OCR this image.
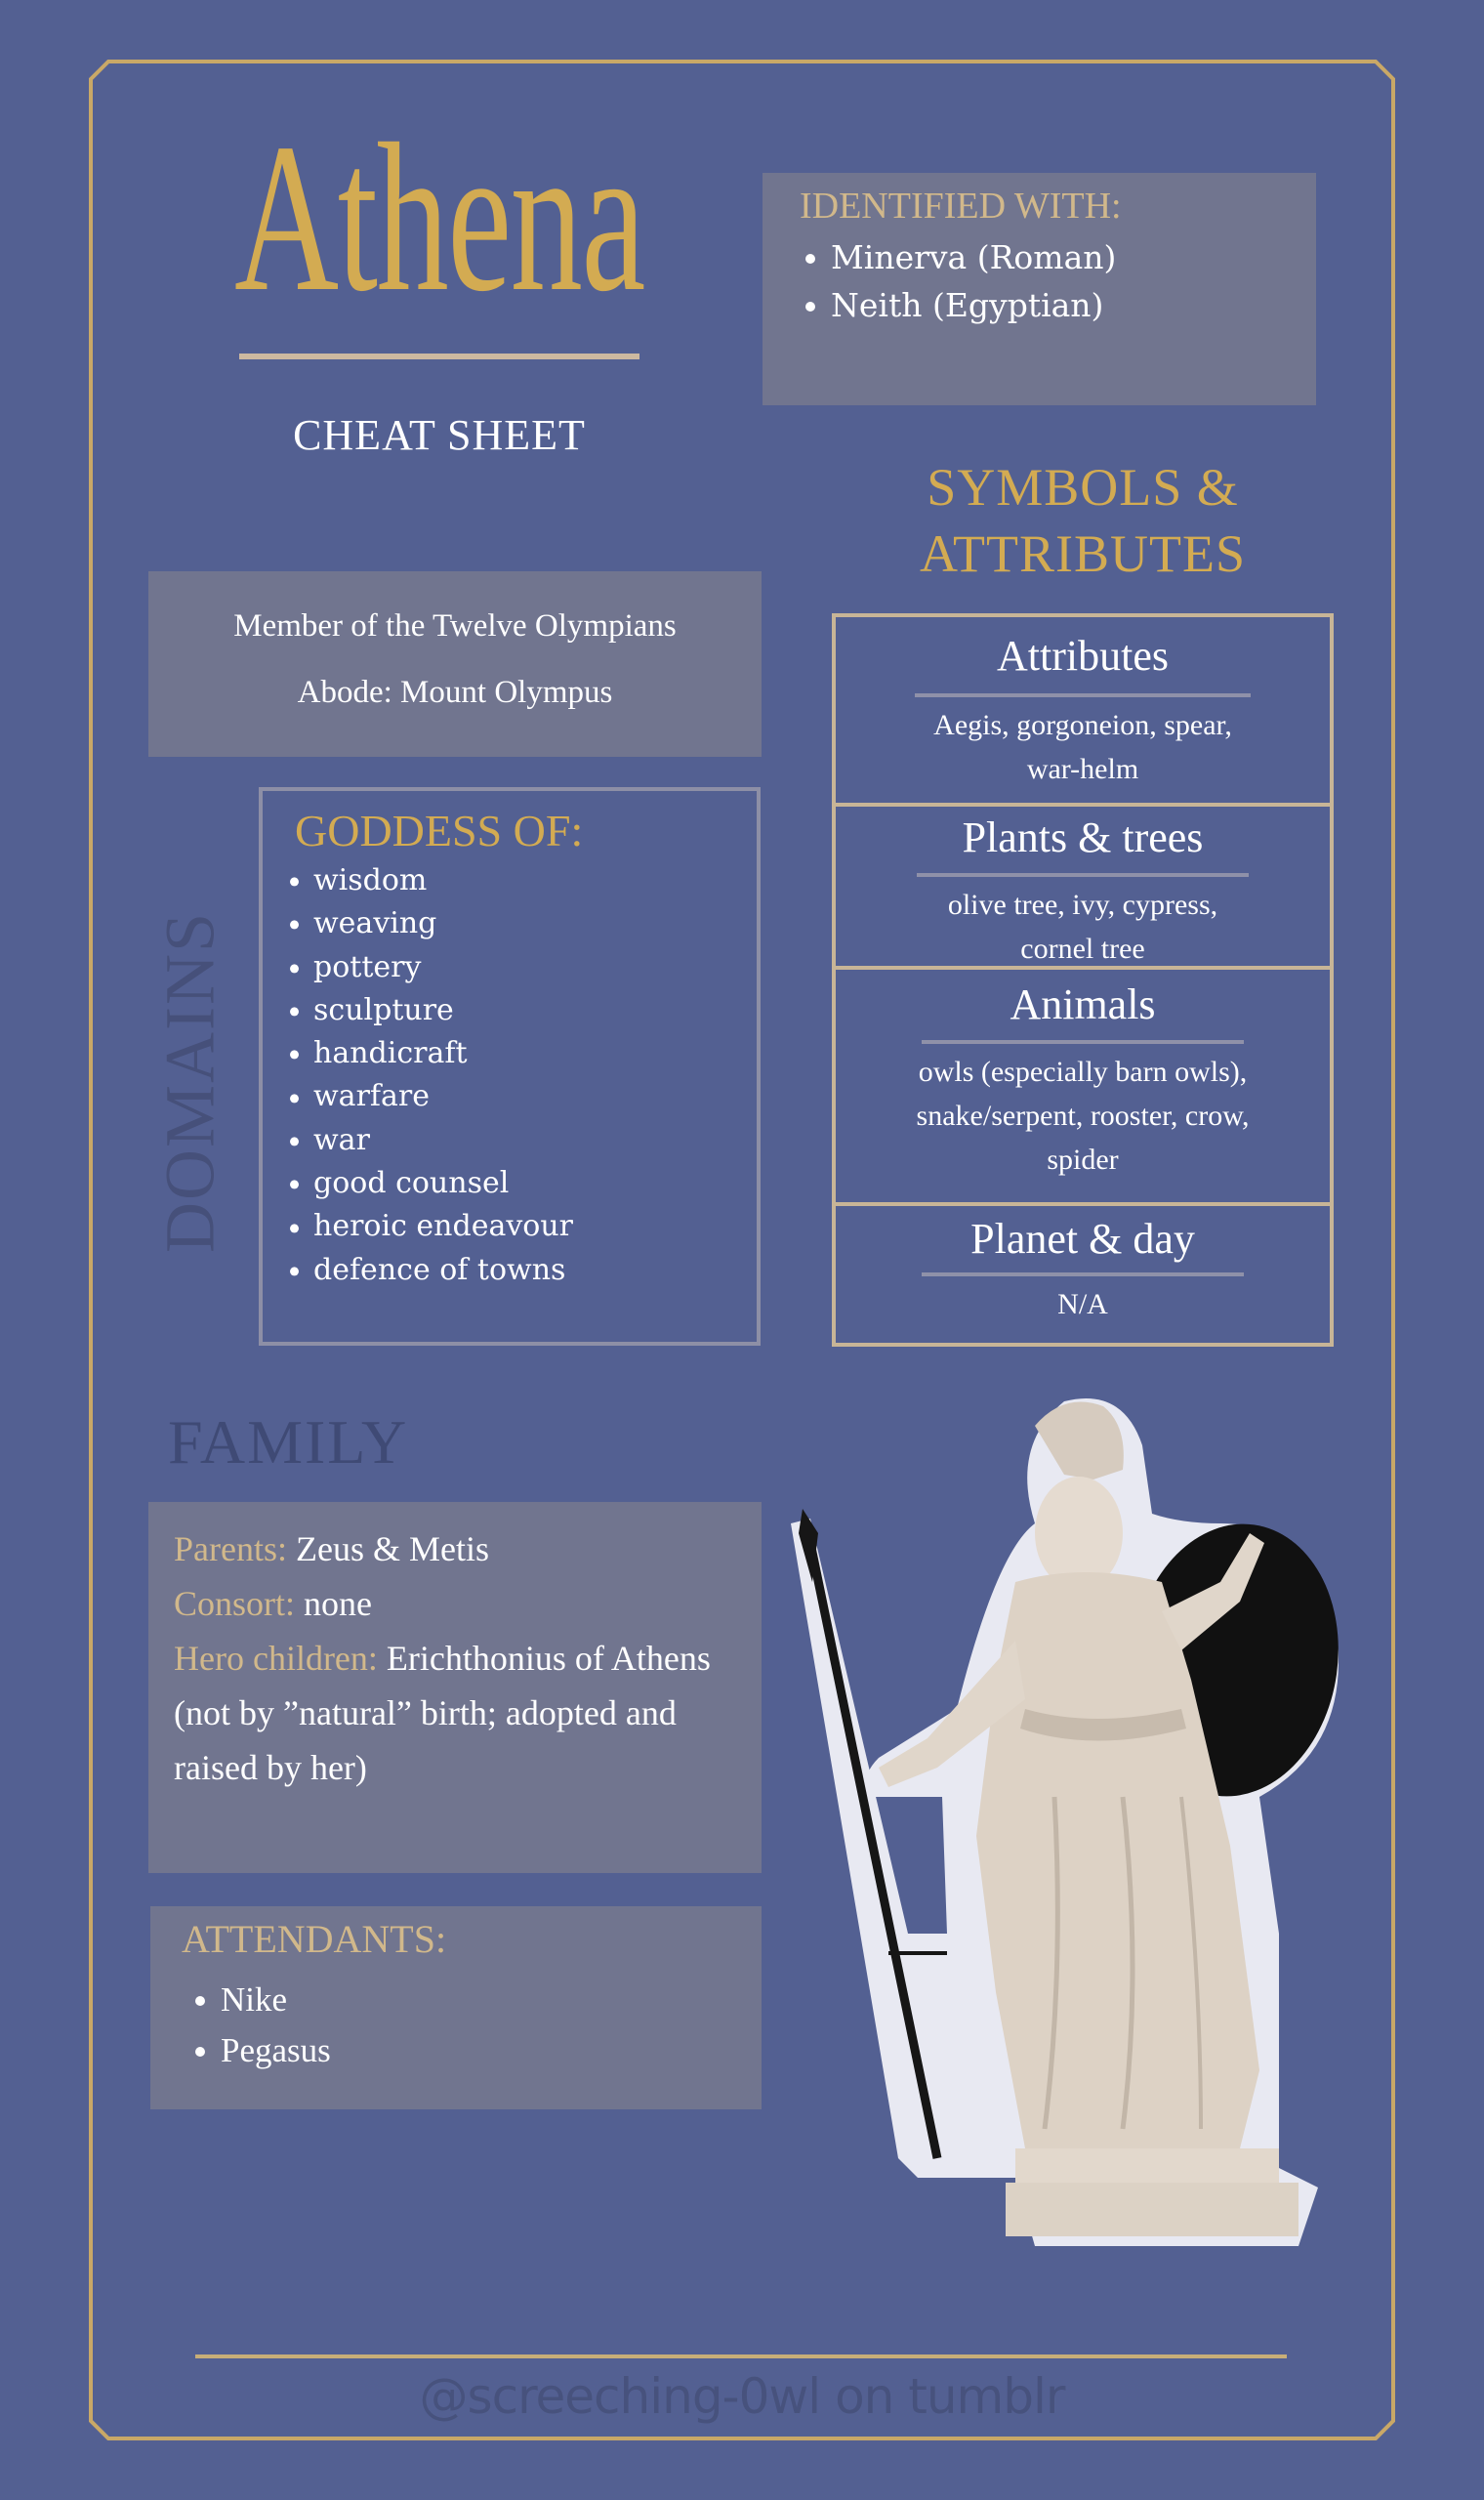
Athena
CHEAT SHEET
IDENTIFIED WITH:
Minerva (Roman)
Neith (Egyptian)
SYMBOLS &
ATTRIBUTES
Member of the Twelve Olympians
Abode: Mount Olympus
DOMAINS
GODDESS OF:
wisdom
weaving
pottery
sculpture
handicraft
warfare
war
good counsel
heroic endeavour
defence of towns
Attributes
Aegis, gorgoneion, spear,
war-helm
Plants & trees
olive tree, ivy, cypress,
cornel tree
Animals
owls (especially barn owls),
snake/serpent, rooster, crow,
spider
Planet & day
N/A
FAMILY
Parents: Zeus & Metis
Consort: none
Hero children: Erichthonius of Athens (not by ”natural” birth; adopted and raised by her)
ATTENDANTS:
Nike
Pegasus
@screeching-0wl on tumblr
